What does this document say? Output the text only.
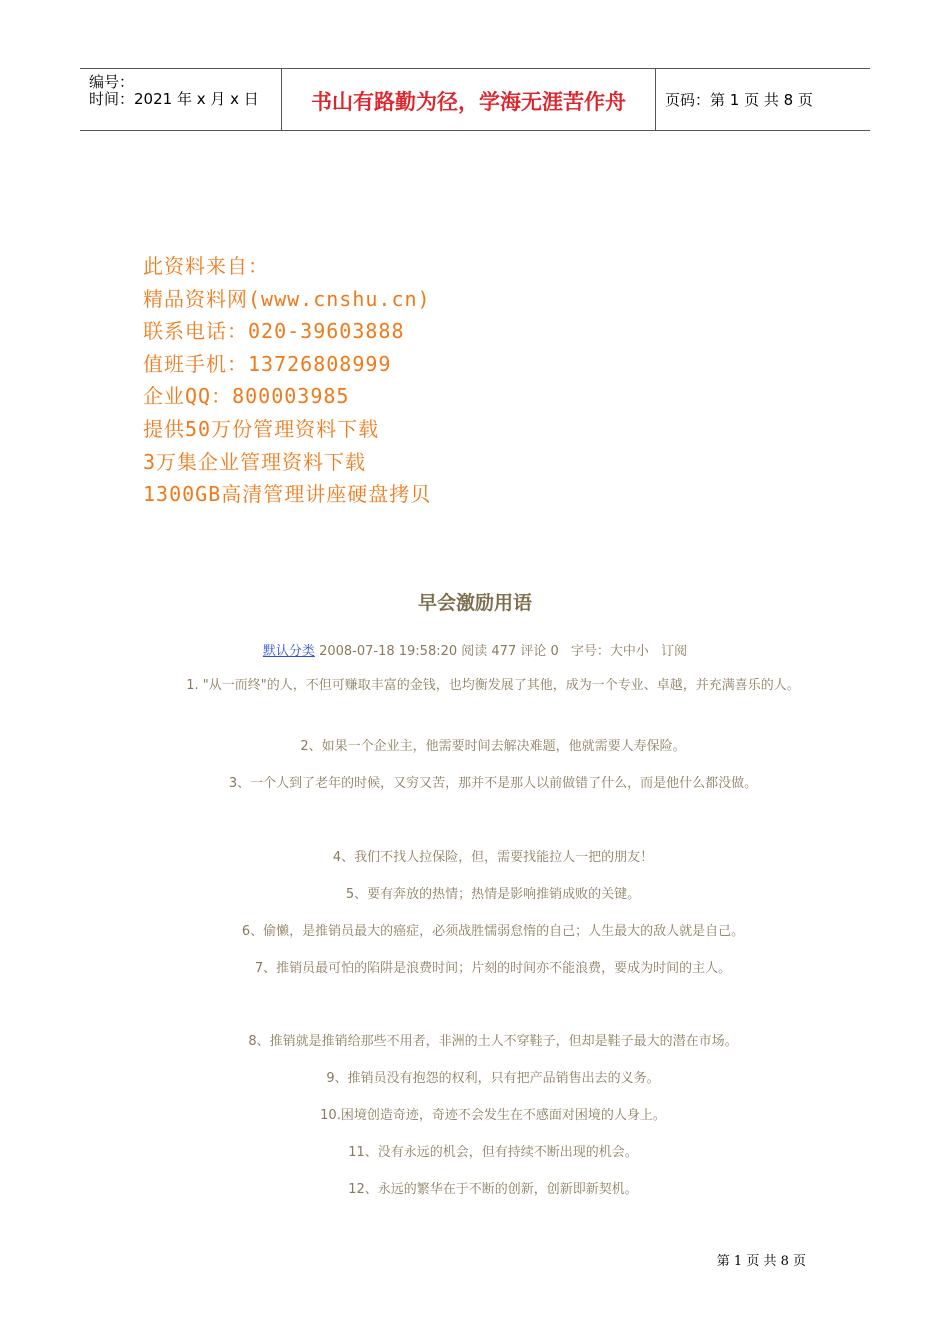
编号：
时间：2021 年 x 月 x 日	书山有路勤为径，学海无涯苦作舟	页码：第 1 页 共 8 页
此资料来自：
精品资料网(www.cnshu.cn)
联系电话：020-39603888
值班手机：13726808999
企业QQ：800003985
提供50万份管理资料下载
3万集企业管理资料下载
1300GB高清管理讲座硬盘拷贝
早会激励用语
默认分类 2008-07-18 19:58:20 阅读 477 评论 0 字号：大中小 订阅
1. "从一而终"的人，不但可赚取丰富的金钱，也均衡发展了其他，成为一个专业、卓越，并充满喜乐的人。
2、如果一个企业主，他需要时间去解决难题，他就需要人寿保险。
3、一个人到了老年的时候，又穷又苦，那并不是那人以前做错了什么，而是他什么都没做。
4、我们不找人拉保险，但，需要找能拉人一把的朋友！
5、要有奔放的热情；热情是影响推销成败的关键。
6、偷懒，是推销员最大的癌症，必须战胜懦弱怠惰的自己；人生最大的敌人就是自己。
7、推销员最可怕的陷阱是浪费时间；片刻的时间亦不能浪费，要成为时间的主人。
8、推销就是推销给那些不用者，非洲的土人不穿鞋子，但却是鞋子最大的潜在市场。
9、推销员没有抱怨的权利，只有把产品销售出去的义务。
10.困境创造奇迹，奇迹不会发生在不感面对困境的人身上。
11、没有永远的机会，但有持续不断出现的机会。
12、永远的繁华在于不断的创新，创新即新契机。
第 1 页 共 8 页
